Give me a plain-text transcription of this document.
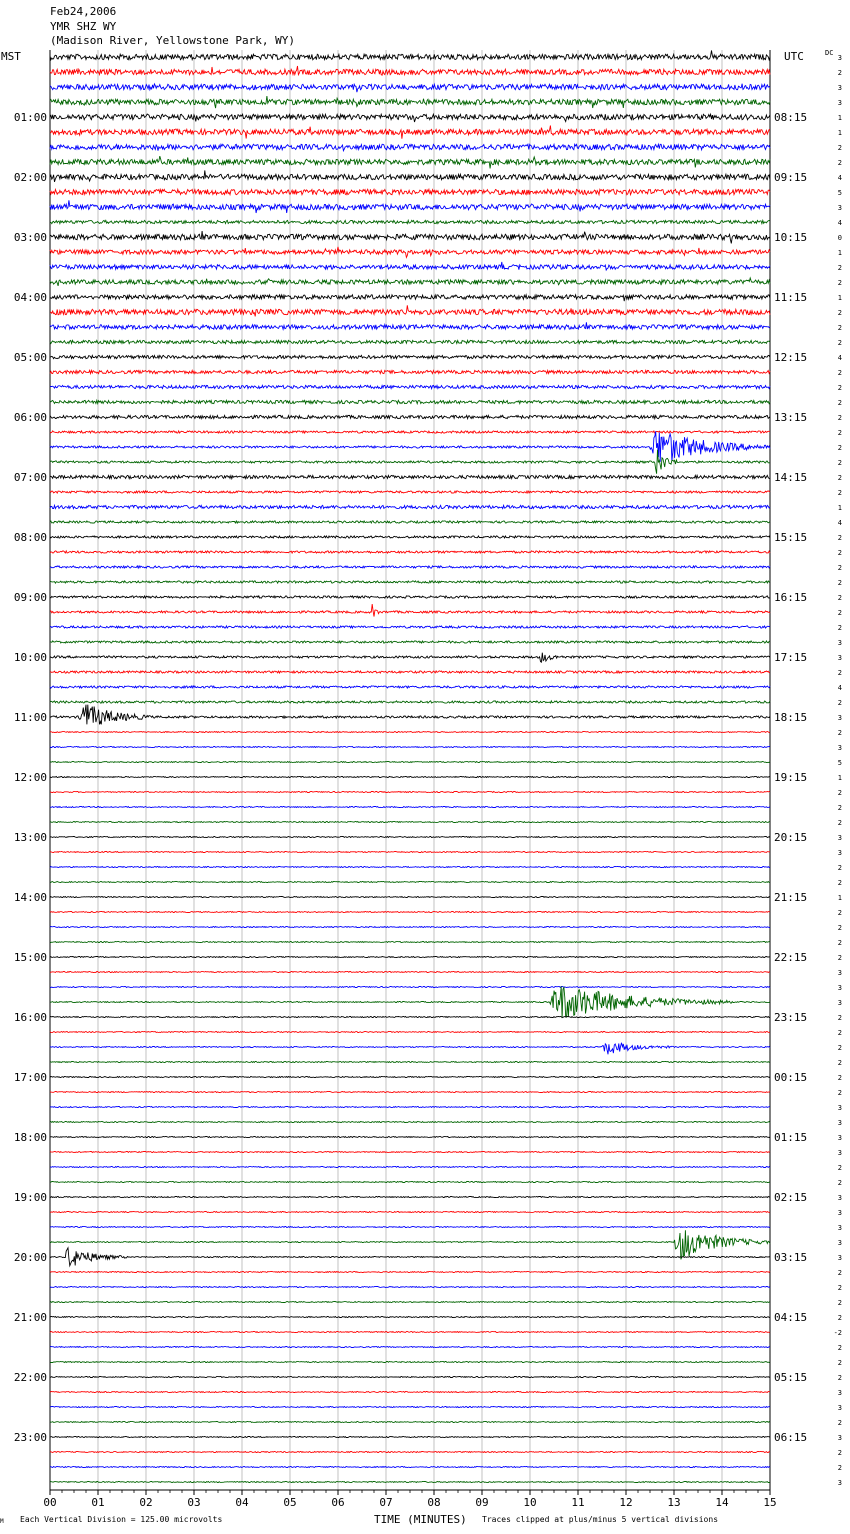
Feb24,2006
YMR SHZ WY
(Madison River, Yellowstone Park, WY)
MST	UTC	DC
01:00
02:00
03:00
04:00
05:00
06:00
07:00
08:00
09:00
10:00
11:00
12:00
13:00
14:00
15:00
16:00
17:00
18:00
19:00
20:00
21:00
22:00
23:00
08:15
09:15
10:15
11:15
12:15
13:15
14:15
15:15
16:15
17:15
18:15
19:15
20:15
21:15
22:15
23:15
00:15
01:15
02:15
03:15
04:15
05:15
06:15
3
2
3
3
1
1
2
2
4
5
3
4
0
1
2
2
1
2
2
2
4
2
2
2
2
2
2
2
2
2
1
4
2
2
2
2
2
2
2
3
3
2
4
2
3
2
3
5
1
2
2
2
3
3
2
2
1
2
2
2
2
3
3
3
2
2
2
2
2
2
3
3
3
3
2
2
3
3
3
3
3
2
2
2
2
-2
2
2
2
3
3
2
3
2
2
3
00	01	02	03	04	05	06	07	08	09	10	11	12	13	14	15
M Each Vertical Division = 125.00 microvolts	TIME (MINUTES) Traces clipped at plus/minus 5 vertical divisions
